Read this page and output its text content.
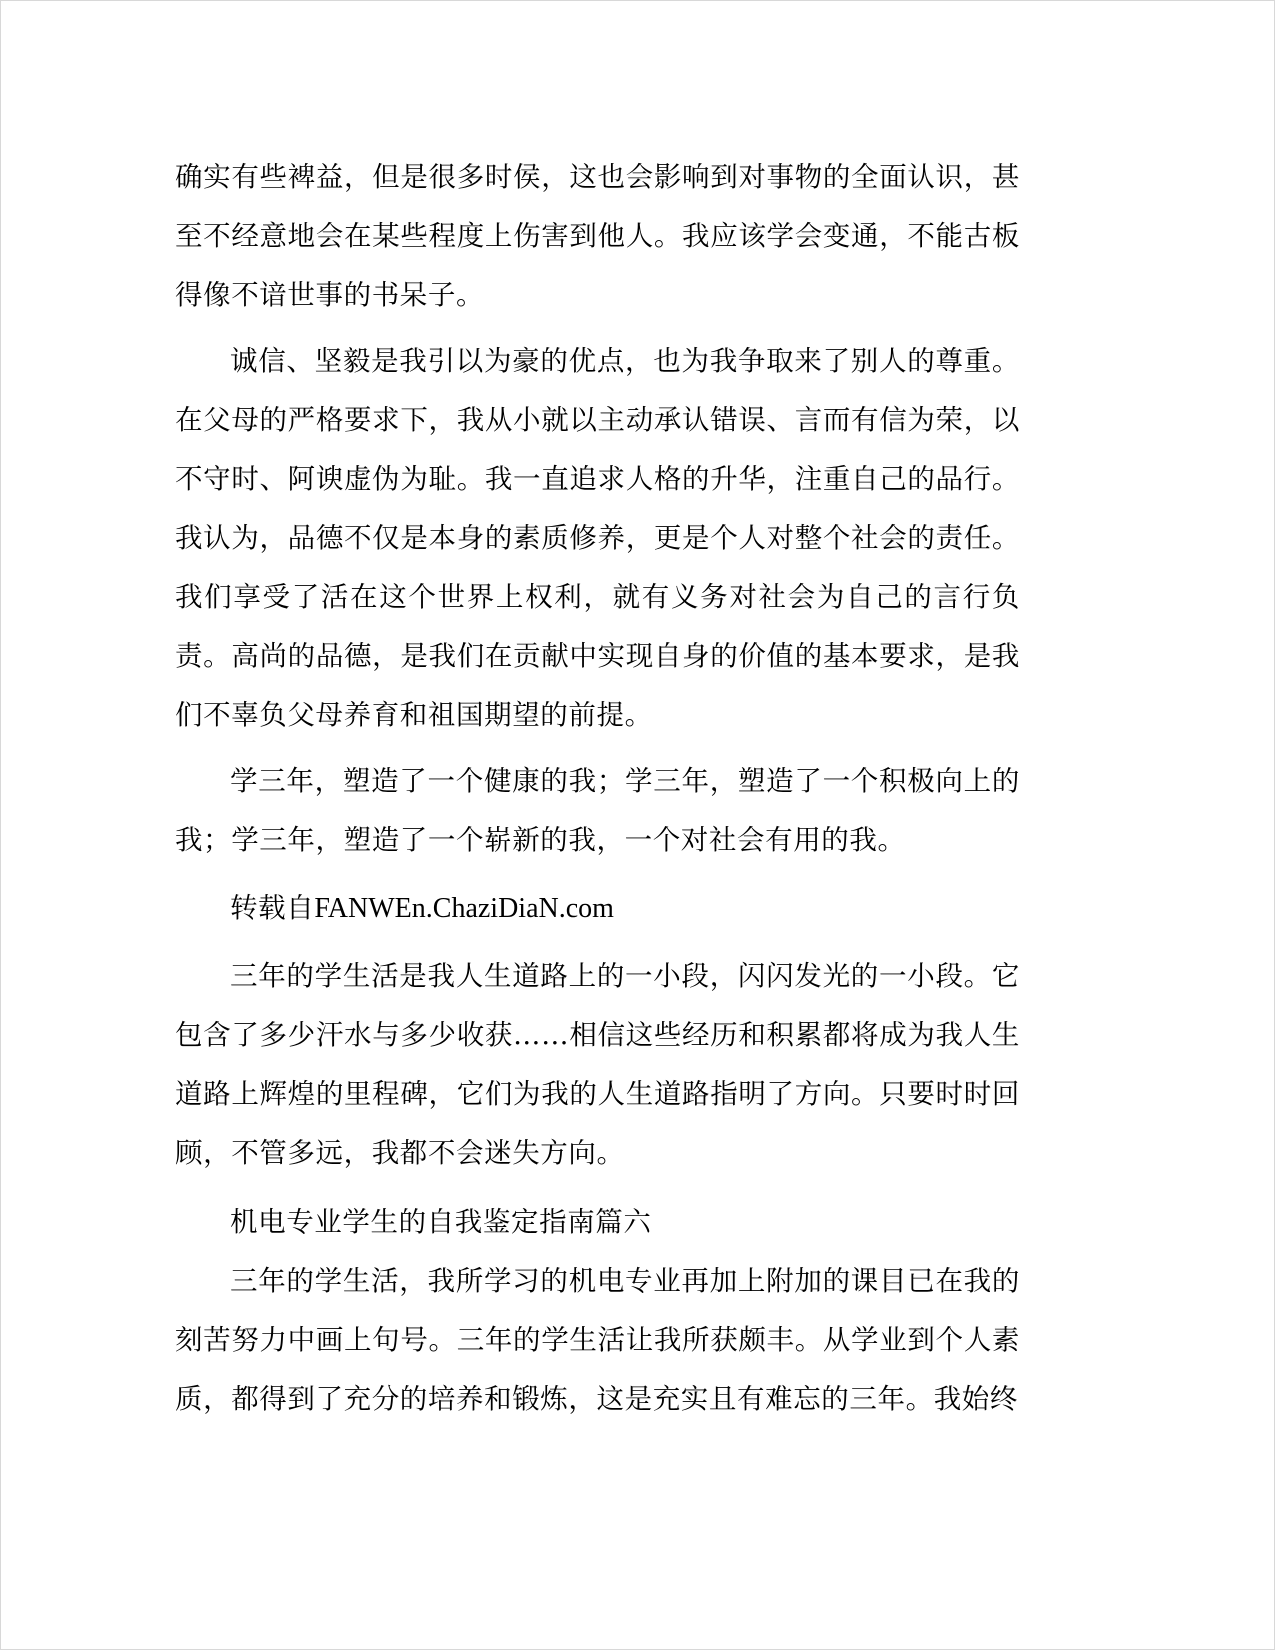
确实有些裨益，但是很多时侯，这也会影响到对事物的全面认识，甚至不经意地会在某些程度上伤害到他人。我应该学会变通，不能古板得像不谙世事的书呆子。

诚信、坚毅是我引以为豪的优点，也为我争取来了别人的尊重。在父母的严格要求下，我从小就以主动承认错误、言而有信为荣，以不守时、阿谀虚伪为耻。我一直追求人格的升华，注重自己的品行。我认为，品德不仅是本身的素质修养，更是个人对整个社会的责任。我们享受了活在这个世界上权利，就有义务对社会为自己的言行负责。高尚的品德，是我们在贡献中实现自身的价值的基本要求，是我们不辜负父母养育和祖国期望的前提。

学三年，塑造了一个健康的我；学三年，塑造了一个积极向上的我；学三年，塑造了一个崭新的我，一个对社会有用的我。

转载自FANWEn.ChaziDiaN.com

三年的学生活是我人生道路上的一小段，闪闪发光的一小段。它包含了多少汗水与多少收获……相信这些经历和积累都将成为我人生道路上辉煌的里程碑，它们为我的人生道路指明了方向。只要时时回顾，不管多远，我都不会迷失方向。

机电专业学生的自我鉴定指南篇六

三年的学生活，我所学习的机电专业再加上附加的课目已在我的刻苦努力中画上句号。三年的学生活让我所获颇丰。从学业到个人素质，都得到了充分的培养和锻炼，这是充实且有难忘的三年。我始终
